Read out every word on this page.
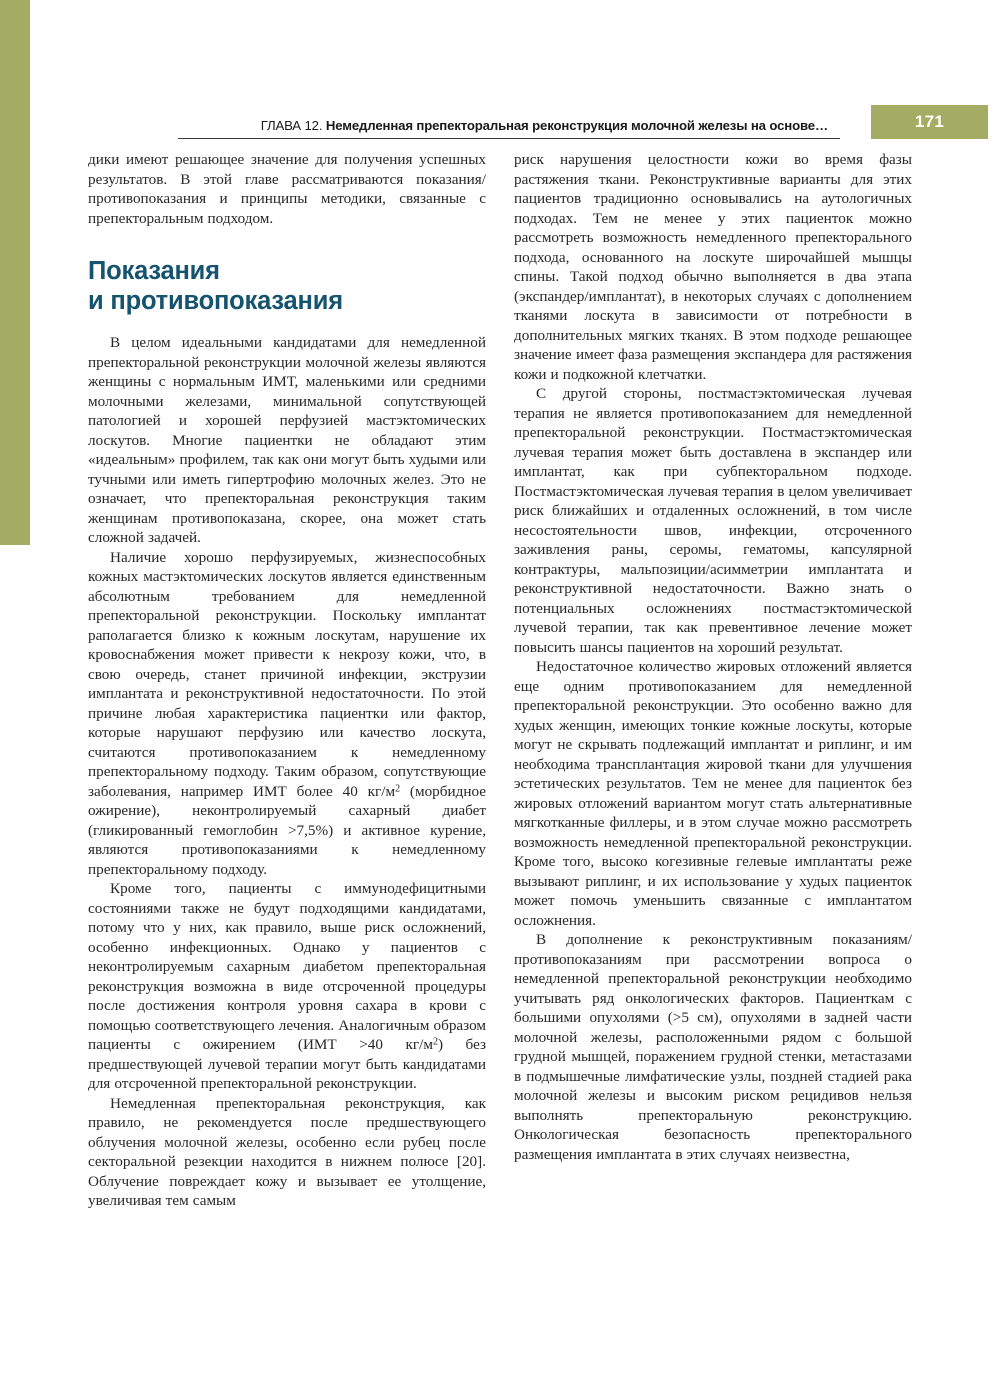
ГЛАВА 12. Немедленная препекторальная реконструкция молочной железы на основе…	171

дики имеют решающее значение для получения успешных результатов. В этой главе рассматриваются показания/противопоказания и принципы методики, связанные с препекторальным подходом.

Показания
и противопоказания

В целом идеальными кандидатами для немедленной препекторальной реконструкции молочной железы являются женщины с нормальным ИМТ, маленькими или средними молочными железами, минимальной сопутствующей патологией и хорошей перфузией мастэктомических лоскутов. Многие пациентки не обладают этим «идеальным» профилем, так как они могут быть худыми или тучными или иметь гипертрофию молочных желез. Это не означает, что препекторальная реконструкция таким женщинам противопоказана, скорее, она может стать сложной задачей.

Наличие хорошо перфузируемых, жизнеспособных кожных мастэктомических лоскутов является единственным абсолютным требованием для немедленной препекторальной реконструкции. Поскольку имплантат раполагается близко к кожным лоскутам, нарушение их кровоснабжения может привести к некрозу кожи, что, в свою очередь, станет причиной инфекции, экструзии имплантата и реконструктивной недостаточности. По этой причине любая характеристика пациентки или фактор, которые нарушают перфузию или качество лоскута, считаются противопоказанием к немедленному препекторальному подходу. Таким образом, сопутствующие заболевания, например ИМТ более 40 $кг/м^2$ (морбидное ожирение), неконтролируемый сахарный диабет (гликированный гемоглобин >7,5%) и активное курение, являются противопоказаниями к немедленному препекторальному подходу.

Кроме того, пациенты с иммунодефицитными состояниями также не будут подходящими кандидатами, потому что у них, как правило, выше риск осложнений, особенно инфекционных. Однако у пациентов с неконтролируемым сахарным диабетом препекторальная реконструкция возможна в виде отсроченной процедуры после достижения контроля уровня сахара в крови с помощью соответствующего лечения. Аналогичным образом пациенты с ожирением (ИМТ >40 $кг/м^2$) без предшествующей лучевой терапии могут быть кандидатами для отсроченной препекторальной реконструкции.

Немедленная препекторальная реконструкция, как правило, не рекомендуется после предшествующего облучения молочной железы, особенно если рубец после секторальной резекции находится в нижнем полюсе [20]. Облучение повреждает кожу и вызывает ее утолщение, увеличивая тем самым

риск нарушения целостности кожи во время фазы растяжения ткани. Реконструктивные варианты для этих пациентов традиционно основывались на аутологичных подходах. Тем не менее у этих пациенток можно рассмотреть возможность немедленного препекторального подхода, основанного на лоскуте широчайшей мышцы спины. Такой подход обычно выполняется в два этапа (экспандер/имплантат), в некоторых случаях с дополнением тканями лоскута в зависимости от потребности в дополнительных мягких тканях. В этом подходе решающее значение имеет фаза размещения экспандера для растяжения кожи и подкожной клетчатки.

С другой стороны, постмастэктомическая лучевая терапия не является противопоказанием для немедленной препекторальной реконструкции. Постмастэктомическая лучевая терапия может быть доставлена в экспандер или имплантат, как при субпекторальном подходе. Постмастэктомическая лучевая терапия в целом увеличивает риск ближайших и отдаленных осложнений, в том числе несостоятельности швов, инфекции, отсроченного заживления раны, серомы, гематомы, капсулярной контрактуры, мальпозиции/асимметрии имплантата и реконструктивной недостаточности. Важно знать о потенциальных осложнениях постмастэктомической лучевой терапии, так как превентивное лечение может повысить шансы пациентов на хороший результат.

Недостаточное количество жировых отложений является еще одним противопоказанием для немедленной препекторальной реконструкции. Это особенно важно для худых женщин, имеющих тонкие кожные лоскуты, которые могут не скрывать подлежащий имплантат и риплинг, и им необходима трансплантация жировой ткани для улучшения эстетических результатов. Тем не менее для пациенток без жировых отложений вариантом могут стать альтернативные мягкотканные филлеры, и в этом случае можно рассмотреть возможность немедленной препекторальной реконструкции. Кроме того, высоко когезивные гелевые имплантаты реже вызывают риплинг, и их использование у худых пациенток может помочь уменьшить связанные с имплантатом осложнения.

В дополнение к реконструктивным показаниям/противопоказаниям при рассмотрении вопроса о немедленной препекторальной реконструкции необходимо учитывать ряд онкологических факторов. Пациенткам с большими опухолями (>5 см), опухолями в задней части молочной железы, расположенными рядом с большой грудной мышцей, поражением грудной стенки, метастазами в подмышечные лимфатические узлы, поздней стадией рака молочной железы и высоким риском рецидивов нельзя выполнять препекторальную реконструкцию. Онкологическая безопасность препекторального размещения имплантата в этих случаях неизвестна,
